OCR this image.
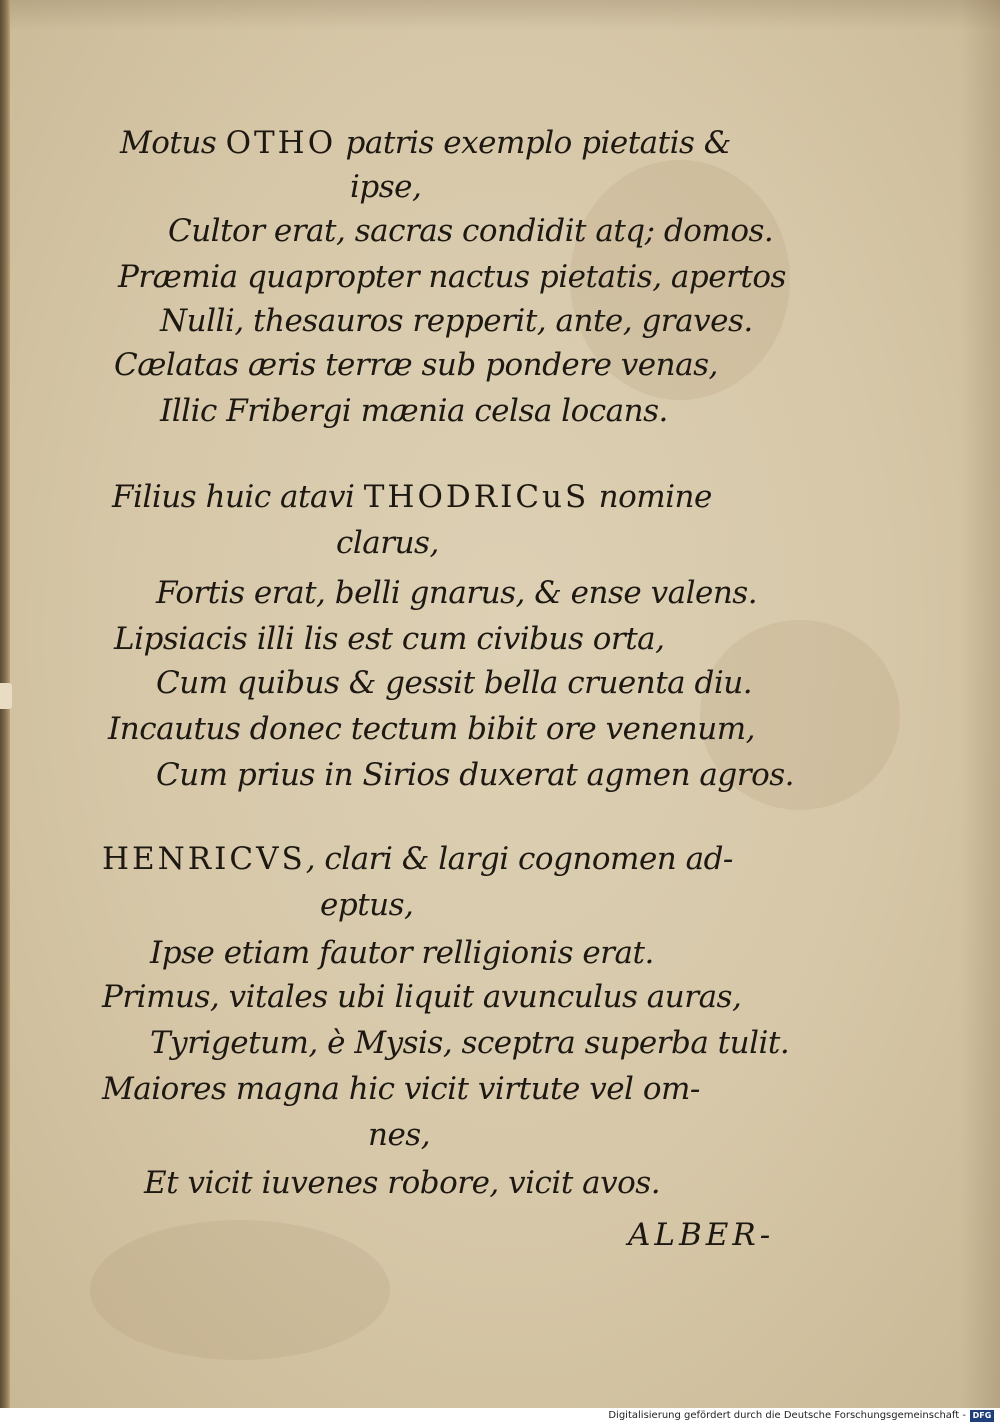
Motus OTHO patris exemplo pietatis &
ipse,
Cultor erat, sacras condidit atq; domos.
Præmia quapropter nactus pietatis, apertos
Nulli, thesauros repperit, ante, graves.
Cælatas æris terræ sub pondere venas,
Illic Fribergi mænia celsa locans.
Filius huic atavi THODRICuS nomine
clarus,
Fortis erat, belli gnarus, & ense valens.
Lipsiacis illi lis est cum civibus orta,
Cum quibus & gessit bella cruenta diu.
Incautus donec tectum bibit ore venenum,
Cum prius in Sirios duxerat agmen agros.
HENRICVS, clari & largi cognomen ad-
eptus,
Ipse etiam fautor relligionis erat.
Primus, vitales ubi liquit avunculus auras,
Tyrigetum, è Mysis, sceptra superba tulit.
Maiores magna hic vicit virtute vel om-
nes,
Et vicit iuvenes robore, vicit avos.
ALBER-
Digitalisierung gefördert durch die Deutsche Forschungsgemeinschaft - DFG
